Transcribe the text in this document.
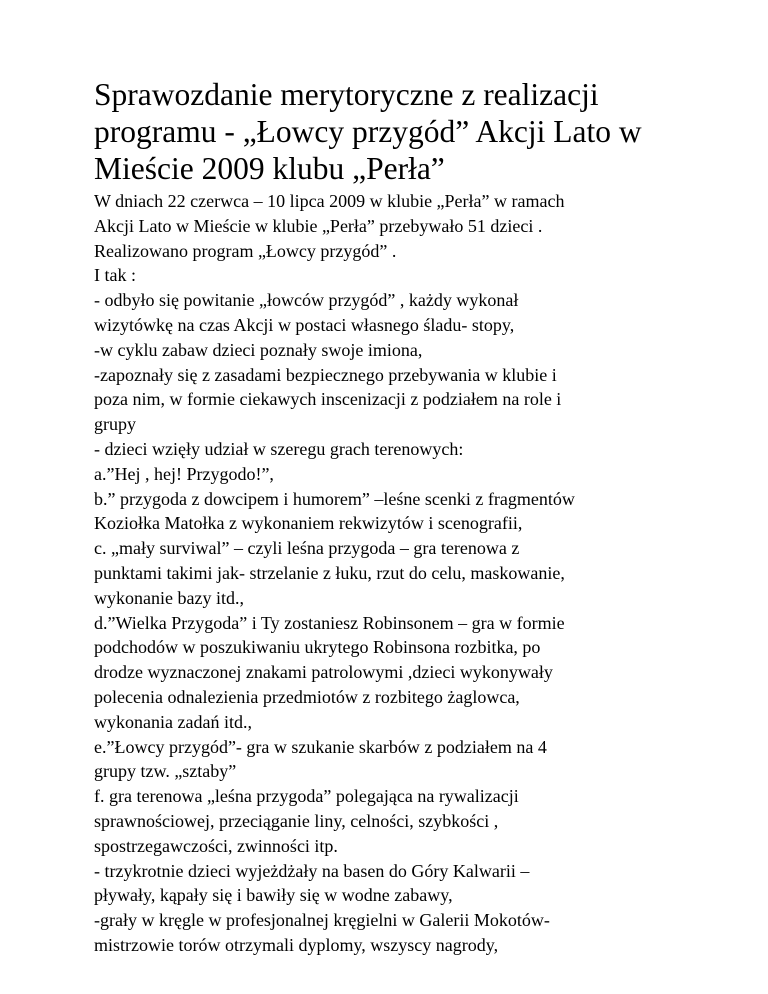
Sprawozdanie merytoryczne z realizacji
programu - „Łowcy przygód” Akcji Lato w
Mieście 2009 klubu „Perła”
W dniach 22 czerwca – 10 lipca 2009 w klubie „Perła” w ramach
Akcji Lato w Mieście w klubie „Perła” przebywało 51 dzieci .
Realizowano program „Łowcy przygód” .
I tak :
- odbyło się powitanie „łowców przygód” , każdy wykonał
wizytówkę na czas Akcji w postaci własnego śladu- stopy,
-w cyklu zabaw dzieci poznały swoje imiona,
-zapoznały się z zasadami bezpiecznego przebywania w klubie i
poza nim, w formie ciekawych inscenizacji z podziałem na role i
grupy
- dzieci wzięły udział w szeregu grach terenowych:
a.”Hej , hej! Przygodo!”,
b.” przygoda z dowcipem i humorem” –leśne scenki z fragmentów
Koziołka Matołka z wykonaniem rekwizytów i scenografii,
c. „mały surviwal” – czyli leśna przygoda – gra terenowa z
punktami takimi jak- strzelanie z łuku, rzut do celu, maskowanie,
wykonanie bazy itd.,
d.”Wielka Przygoda” i Ty zostaniesz Robinsonem – gra w formie
podchodów w poszukiwaniu ukrytego Robinsona rozbitka, po
drodze wyznaczonej znakami patrolowymi ,dzieci wykonywały
polecenia odnalezienia przedmiotów z rozbitego żaglowca,
wykonania zadań itd.,
e.”Łowcy przygód”- gra w szukanie skarbów z podziałem na 4
grupy tzw. „sztaby”
f. gra terenowa „leśna przygoda” polegająca na rywalizacji
sprawnościowej, przeciąganie liny, celności, szybkości ,
spostrzegawczości, zwinności itp.
- trzykrotnie dzieci wyjeżdżały na basen do Góry Kalwarii –
pływały, kąpały się i bawiły się w wodne zabawy,
-grały w kręgle w profesjonalnej kręgielni w Galerii Mokotów-
mistrzowie torów otrzymali dyplomy, wszyscy nagrody,
